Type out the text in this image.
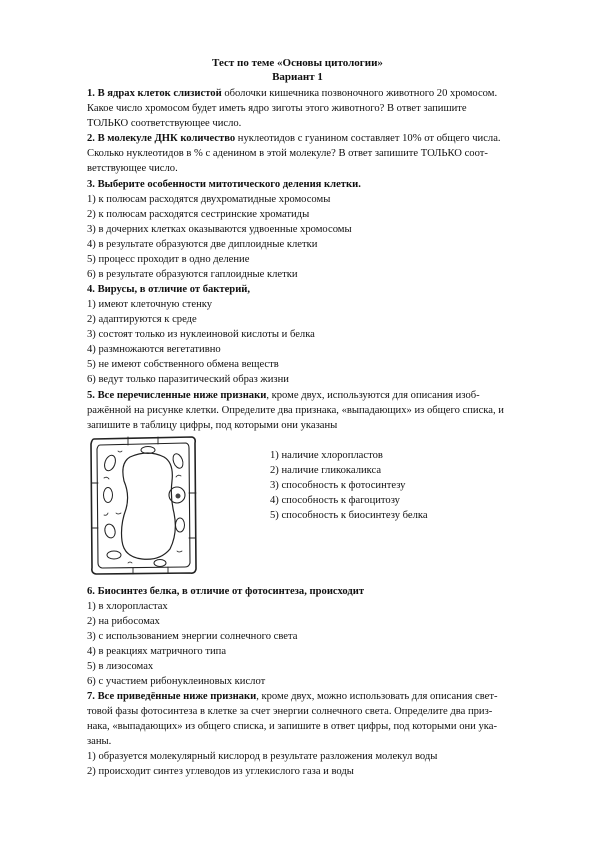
Тест по теме «Основы цитологии»
Вариант 1
1. В ядрах клеток слизистой оболочки кишечника позвоночного животного 20 хромосом.
Какое число хромосом будет иметь ядро зиготы этого животного? В ответ запишите
ТОЛЬКО соответствующее число.
2. В молекуле ДНК количество нуклеотидов с гуанином составляет 10% от общего числа.
Сколько нуклеотидов в % с аденином в этой молекуле? В ответ запишите ТОЛЬКО соот-
ветствующее число.
3. Выберите особенности митотического деления клетки.
1) к полюсам расходятся двухроматидные хромосомы
2) к полюсам расходятся сестринские хроматиды
3) в дочерних клетках оказываются удвоенные хромосомы
4) в результате образуются две диплоидные клетки
5) процесс проходит в одно деление
6) в результате образуются гаплоидные клетки
4. Вирусы, в отличие от бактерий,
1) имеют клеточную стенку
2) адаптируются к среде
3) состоят только из нуклеиновой кислоты и белка
4) размножаются вегетативно
5) не имеют собственного обмена веществ
6) ведут только паразитический образ жизни
5. Все перечисленные ниже признаки, кроме двух, используются для описания изоб-
ражённой на рисунке клетки. Определите два признака, «выпадающих» из общего списка, и
запишите в таблицу цифры, под которыми они указаны
1) наличие хлоропластов
2) наличие гликокаликса
3) способность к фотосинтезу
4) способность к фагоцитозу
5) способность к биосинтезу белка
6. Биосинтез белка, в отличие от фотосинтеза, происходит
1) в хлоропластах
2) на рибосомах
3) с использованием энергии солнечного света
4) в реакциях матричного типа
5) в лизосомах
6) с участием рибонуклеиновых кислот
7. Все приведённые ниже признаки, кроме двух, можно использовать для описания свет-
товой фазы фотосинтеза в клетке за счет энергии солнечного света. Определите два приз-
нака, «выпадающих» из общего списка, и запишите в ответ цифры, под которыми они ука-
заны.
1) образуется молекулярный кислород в результате разложения молекул воды
2) происходит синтез углеводов из углекислого газа и воды
